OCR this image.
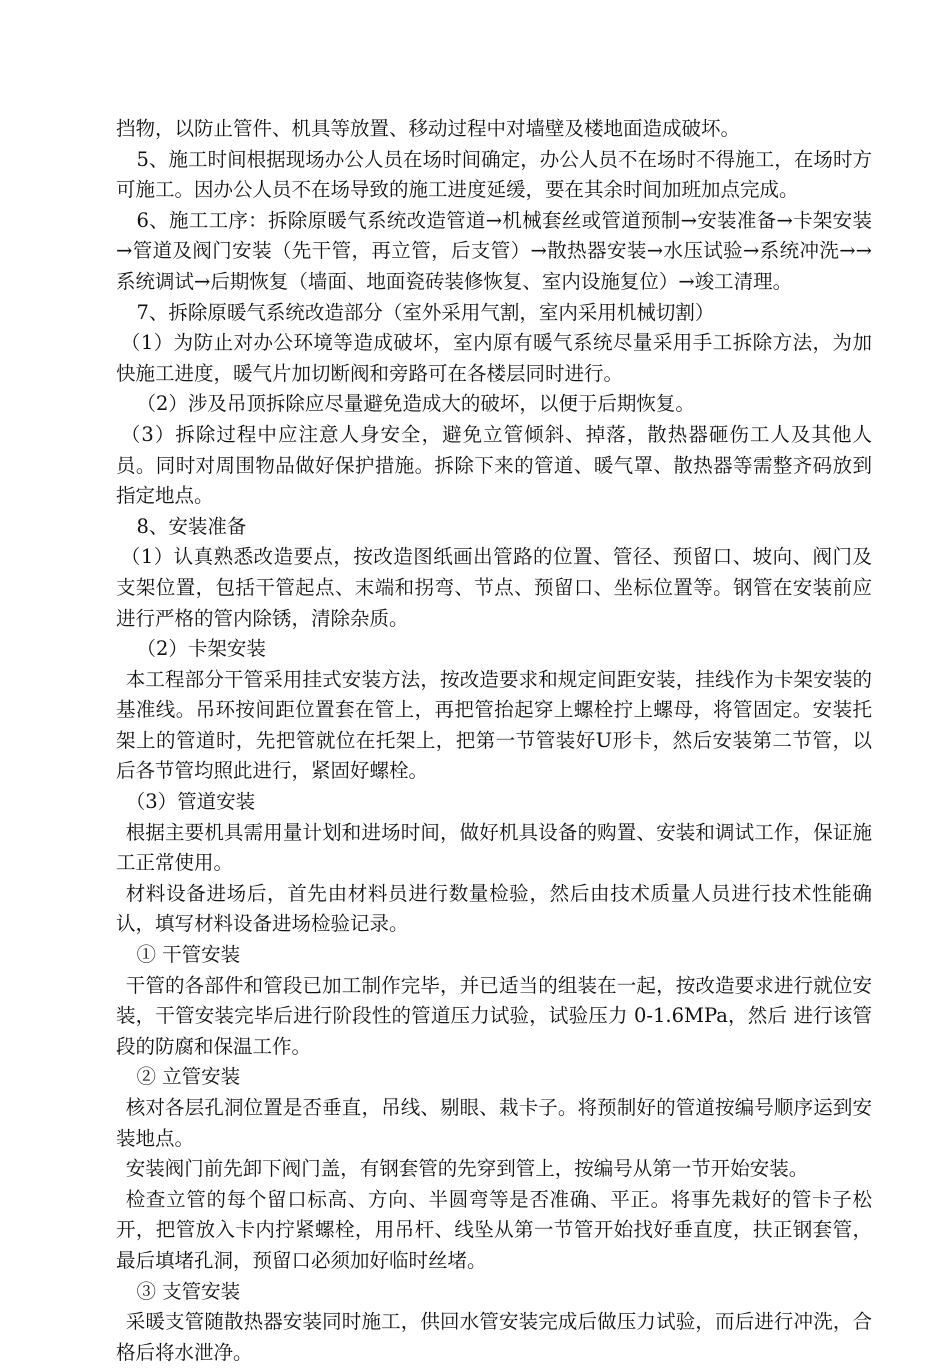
挡物，以防止管件、机具等放置、移动过程中对墙壁及楼地面造成破坏。

5、施工时间根据现场办公人员在场时间确定，办公人员不在场时不得施工，在场时方可施工。因办公人员不在场导致的施工进度延缓，要在其余时间加班加点完成。

6、施工工序：拆除原暖气系统改造管道→机械套丝或管道预制→安装准备→卡架安装→管道及阀门安装（先干管，再立管，后支管）→散热器安装→水压试验→系统冲洗→→系统调试→后期恢复（墙面、地面瓷砖装修恢复、室内设施复位）→竣工清理。

7、拆除原暖气系统改造部分（室外采用气割，室内采用机械切割）

（1）为防止对办公环境等造成破坏，室内原有暖气系统尽量采用手工拆除方法，为加快施工进度，暖气片加切断阀和旁路可在各楼层同时进行。

（2）涉及吊顶拆除应尽量避免造成大的破坏，以便于后期恢复。

（3）拆除过程中应注意人身安全，避免立管倾斜、掉落，散热器砸伤工人及其他人员。同时对周围物品做好保护措施。拆除下来的管道、暖气罩、散热器等需整齐码放到指定地点。

8、安装准备

（1）认真熟悉改造要点，按改造图纸画出管路的位置、管径、预留口、坡向、阀门及支架位置，包括干管起点、末端和拐弯、节点、预留口、坐标位置等。钢管在安装前应进行严格的管内除锈，清除杂质。

（2）卡架安装

本工程部分干管采用挂式安装方法，按改造要求和规定间距安装，挂线作为卡架安装的基准线。吊环按间距位置套在管上，再把管抬起穿上螺栓拧上螺母，将管固定。安装托架上的管道时，先把管就位在托架上，把第一节管装好U形卡，然后安装第二节管，以后各节管均照此进行，紧固好螺栓。

（3）管道安装

根据主要机具需用量计划和进场时间，做好机具设备的购置、安装和调试工作，保证施工正常使用。

材料设备进场后，首先由材料员进行数量检验，然后由技术质量人员进行技术性能确认，填写材料设备进场检验记录。

① 干管安装

干管的各部件和管段已加工制作完毕，并已适当的组装在一起，按改造要求进行就位安装，干管安装完毕后进行阶段性的管道压力试验，试验压力 0-1.6MPa，然后 进行该管段的防腐和保温工作。

② 立管安装

核对各层孔洞位置是否垂直，吊线、剔眼、栽卡子。将预制好的管道按编号顺序运到安装地点。

安装阀门前先卸下阀门盖，有钢套管的先穿到管上，按编号从第一节开始安装。

检查立管的每个留口标高、方向、半圆弯等是否准确、平正。将事先栽好的管卡子松开，把管放入卡内拧紧螺栓，用吊杆、线坠从第一节管开始找好垂直度，扶正钢套管，最后填堵孔洞，预留口必须加好临时丝堵。

③ 支管安装

采暖支管随散热器安装同时施工，供回水管安装完成后做压力试验，而后进行冲洗，合格后将水泄净。
